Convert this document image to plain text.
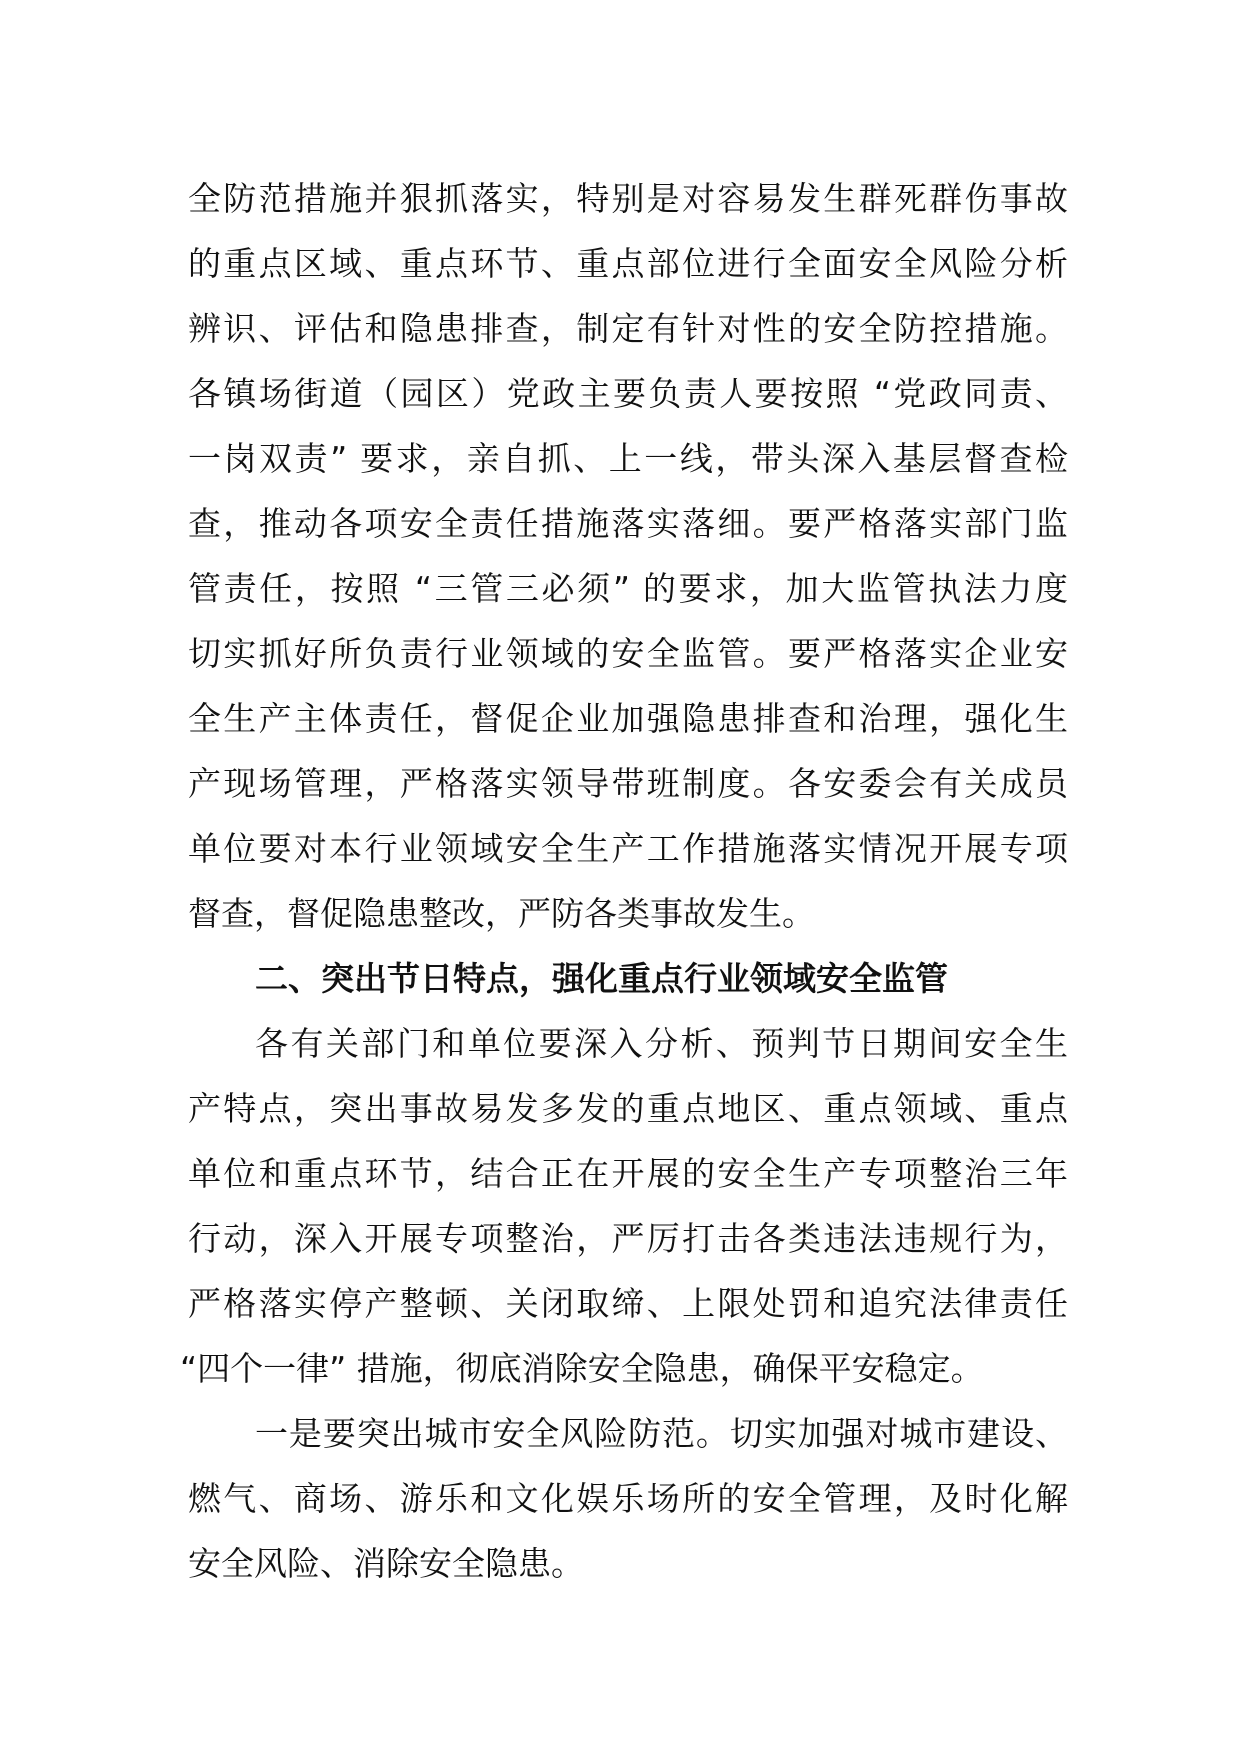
全防范措施并狠抓落实，特别是对容易发生群死群伤事故
的重点区域、重点环节、重点部位进行全面安全风险分析
辨识、评估和隐患排查，制定有针对性的安全防控措施。
各镇场街道（园区）党政主要负责人要按照 “党政同责、
一岗双责” 要求，亲自抓、上一线，带头深入基层督查检
查，推动各项安全责任措施落实落细。要严格落实部门监
管责任，按照 “三管三必须” 的要求，加大监管执法力度
切实抓好所负责行业领域的安全监管。要严格落实企业安
全生产主体责任，督促企业加强隐患排查和治理，强化生
产现场管理，严格落实领导带班制度。各安委会有关成员
单位要对本行业领域安全生产工作措施落实情况开展专项
督查，督促隐患整改，严防各类事故发生。
二、突出节日特点，强化重点行业领域安全监管
各有关部门和单位要深入分析、预判节日期间安全生
产特点，突出事故易发多发的重点地区、重点领域、重点
单位和重点环节，结合正在开展的安全生产专项整治三年
行动，深入开展专项整治，严厉打击各类违法违规行为，
严格落实停产整顿、关闭取缔、上限处罚和追究法律责任
“四个一律” 措施，彻底消除安全隐患，确保平安稳定。
一是要突出城市安全风险防范。切实加强对城市建设、
燃气、商场、游乐和文化娱乐场所的安全管理，及时化解
安全风险、消除安全隐患。
